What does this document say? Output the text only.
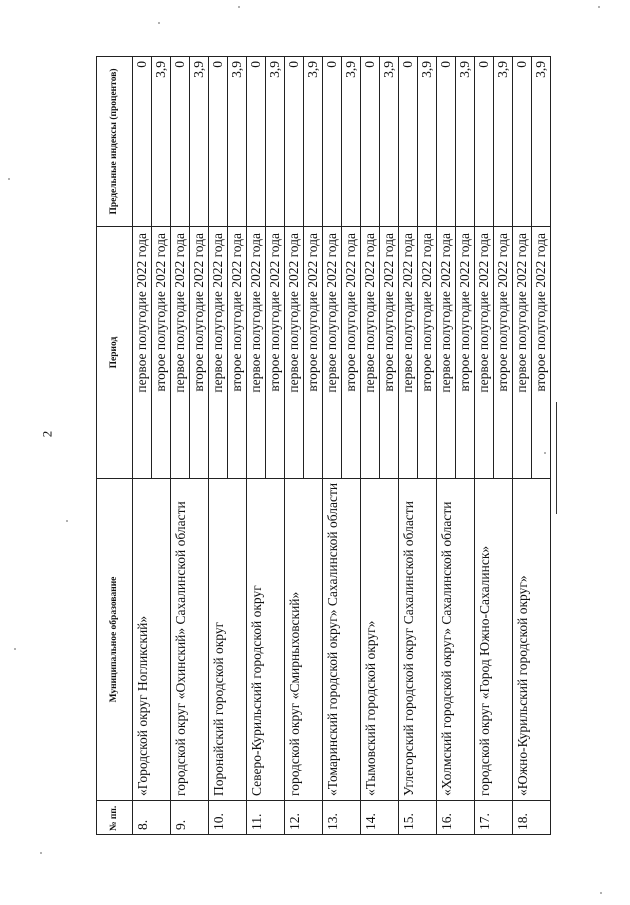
2
№ пп.	Муниципальное образование	Период	Предельные индексы (процентов)
8.	«Городской округ Ногликский»	первое полугодие 2022 года	0
		второе полугодие 2022 года	3,9
9.	городской округ «Охинский» Сахалинской области	первое полугодие 2022 года	0
		второе полугодие 2022 года	3,9
10.	Поронайский городской округ	первое полугодие 2022 года	0
		второе полугодие 2022 года	3,9
11.	Северо-Курильский городской округ	первое полугодие 2022 года	0
		второе полугодие 2022 года	3,9
12.	городской округ «Смирныховский»	первое полугодие 2022 года	0
		второе полугодие 2022 года	3,9
13.	«Томаринский городской округ» Сахалинской области	первое полугодие 2022 года	0
		второе полугодие 2022 года	3,9
14.	«Тымовский городской округ»	первое полугодие 2022 года	0
		второе полугодие 2022 года	3,9
15.	Углегорский городской округ Сахалинской области	первое полугодие 2022 года	0
		второе полугодие 2022 года	3,9
16.	«Холмский городской округ» Сахалинской области	первое полугодие 2022 года	0
		второе полугодие 2022 года	3,9
17.	городской округ «Город Южно-Сахалинск»	первое полугодие 2022 года	0
		второе полугодие 2022 года	3,9
18.	«Южно-Курильский городской округ»	первое полугодие 2022 года	0
		второе полугодие 2022 года	3,9
